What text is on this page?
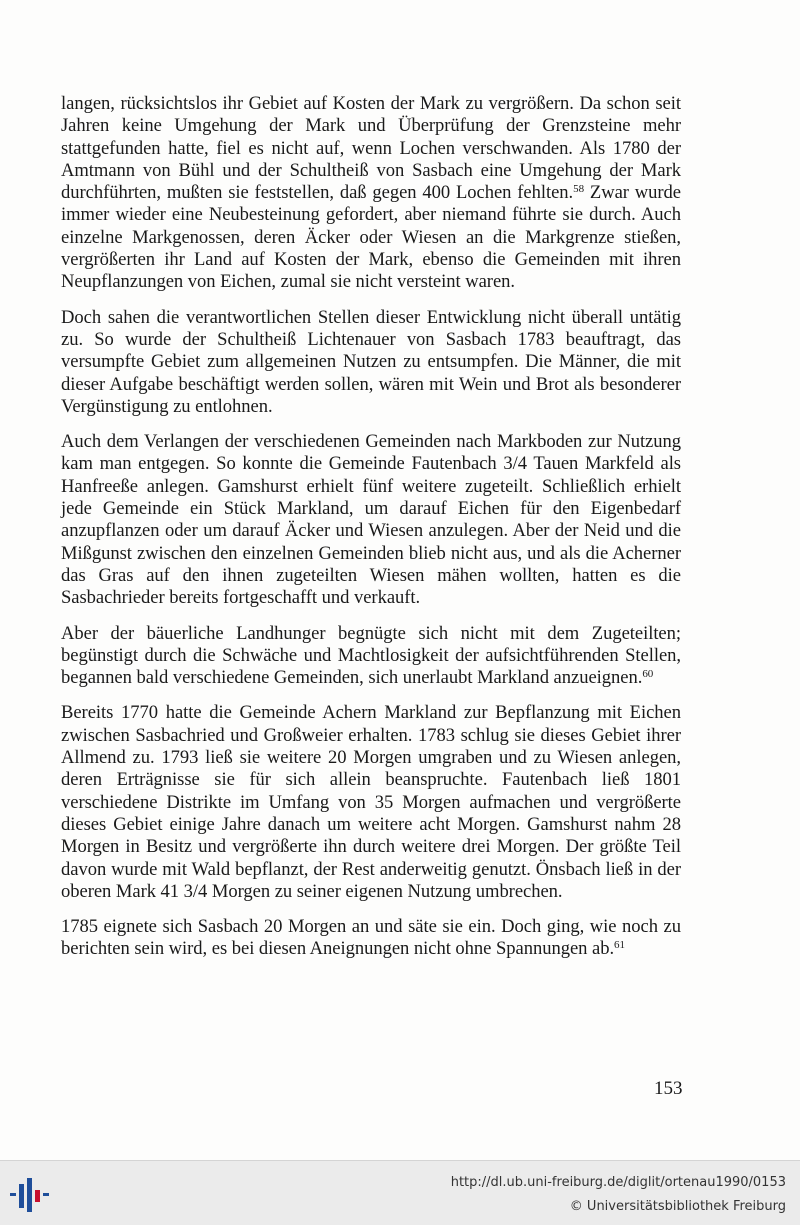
langen, rücksichtslos ihr Gebiet auf Kosten der Mark zu vergrößern. Da schon seit Jahren keine Umgehung der Mark und Überprüfung der Grenzsteine mehr stattgefunden hatte, fiel es nicht auf, wenn Lochen verschwanden. Als 1780 der Amtmann von Bühl und der Schultheiß von Sasbach eine Umgehung der Mark durchführten, mußten sie feststellen, daß gegen 400 Lochen fehlten.$^{58}$ Zwar wurde immer wieder eine Neubesteinung gefordert, aber niemand führte sie durch. Auch einzelne Markgenossen, deren Äcker oder Wiesen an die Markgrenze stießen, vergrößerten ihr Land auf Kosten der Mark, ebenso die Gemeinden mit ihren Neupflanzungen von Eichen, zumal sie nicht versteint waren.

Doch sahen die verantwortlichen Stellen dieser Entwicklung nicht überall untätig zu. So wurde der Schultheiß Lichtenauer von Sasbach 1783 beauftragt, das versumpfte Gebiet zum allgemeinen Nutzen zu entsumpfen. Die Männer, die mit dieser Aufgabe beschäftigt werden sollen, wären mit Wein und Brot als besonderer Vergünstigung zu entlohnen.

Auch dem Verlangen der verschiedenen Gemeinden nach Markboden zur Nutzung kam man entgegen. So konnte die Gemeinde Fautenbach 3/4 Tauen Markfeld als Hanfreeße anlegen. Gamshurst erhielt fünf weitere zugeteilt. Schließlich erhielt jede Gemeinde ein Stück Markland, um darauf Eichen für den Eigenbedarf anzupflanzen oder um darauf Äcker und Wiesen anzulegen. Aber der Neid und die Mißgunst zwischen den einzelnen Gemeinden blieb nicht aus, und als die Acherner das Gras auf den ihnen zugeteilten Wiesen mähen wollten, hatten es die Sasbachrieder bereits fortgeschafft und verkauft.

Aber der bäuerliche Landhunger begnügte sich nicht mit dem Zugeteilten; begünstigt durch die Schwäche und Machtlosigkeit der aufsichtführenden Stellen, begannen bald verschiedene Gemeinden, sich unerlaubt Markland anzueignen.$^{60}$

Bereits 1770 hatte die Gemeinde Achern Markland zur Bepflanzung mit Eichen zwischen Sasbachried und Großweier erhalten. 1783 schlug sie dieses Gebiet ihrer Allmend zu. 1793 ließ sie weitere 20 Morgen umgraben und zu Wiesen anlegen, deren Erträgnisse sie für sich allein beanspruchte. Fautenbach ließ 1801 verschiedene Distrikte im Umfang von 35 Morgen aufmachen und vergrößerte dieses Gebiet einige Jahre danach um weitere acht Morgen. Gamshurst nahm 28 Morgen in Besitz und vergrößerte ihn durch weitere drei Morgen. Der größte Teil davon wurde mit Wald bepflanzt, der Rest anderweitig genutzt. Önsbach ließ in der oberen Mark 41 3/4 Morgen zu seiner eigenen Nutzung umbrechen.

1785 eignete sich Sasbach 20 Morgen an und säte sie ein. Doch ging, wie noch zu berichten sein wird, es bei diesen Aneignungen nicht ohne Spannungen ab.$^{61}$

153
http://dl.ub.uni-freiburg.de/diglit/ortenau1990/0153
© Universitätsbibliothek Freiburg
